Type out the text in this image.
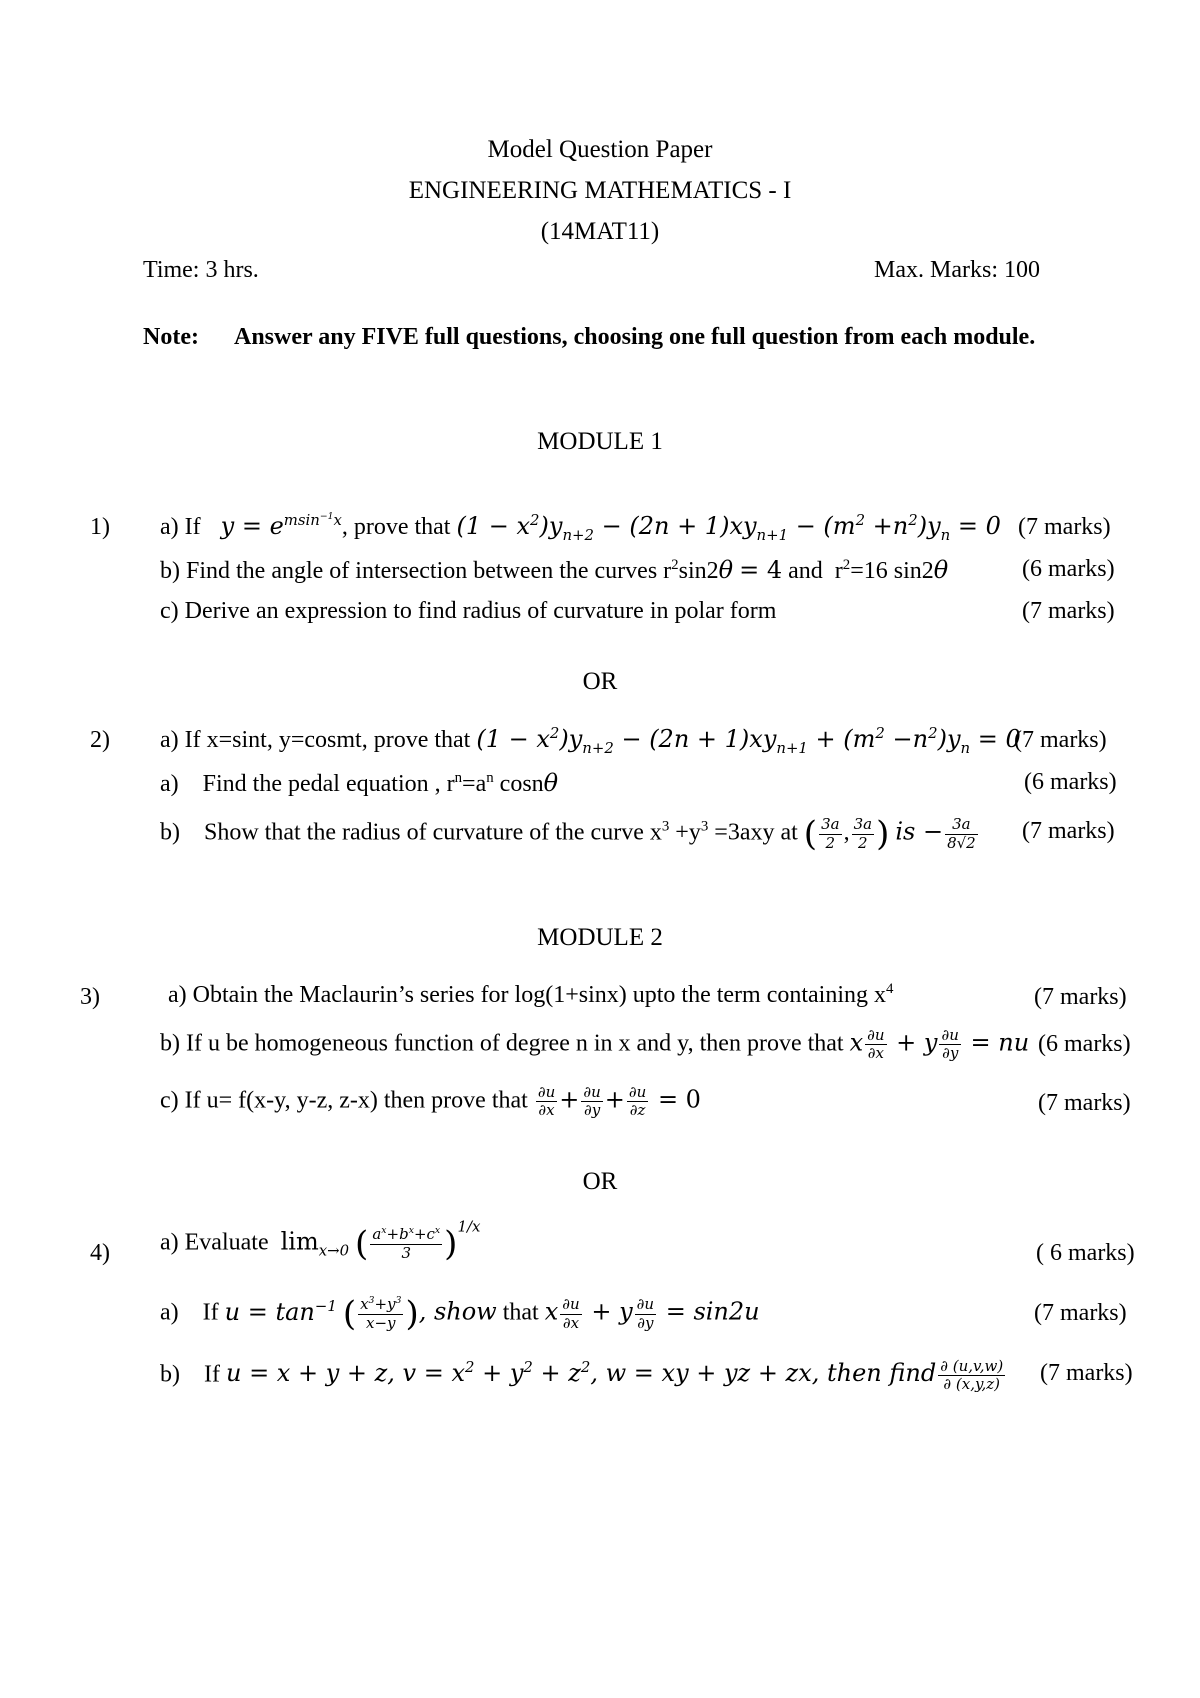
Model Question Paper
ENGINEERING MATHEMATICS - I
(14MAT11)
Time: 3 hrs.	Max. Marks: 100
Note: Answer any FIVE full questions, choosing one full question from each module.
MODULE 1
1) a) If $y = e^{msin^{-1}x}$, prove that $(1 - x^2)y_{n+2} - (2n + 1)xy_{n+1} - (m^2 +n^2)y_n = 0$ (7 marks)
b) Find the angle of intersection between the curves $r^2\sin 2\theta = 4$ and  $r^2=16$ sin2θ	(6 marks)
c) Derive an expression to find radius of curvature in polar form	(7 marks)
OR
2) a) If x=sint, y=cosmt, prove that $(1 - x^2)y_{n+2} - (2n + 1)xy_{n+1} + (m^2 -n^2)y_n = 0$
(7 marks)
a) Find the pedal equation , $r^n=a^n$ cosnθ	(6 marks)
b) Show that the radius of curvature of the curve $x^3 +y^3 =3axy$ at ( $\frac{3a}{2}$ , $\frac{3a}{2}$ ) is − $\frac{3a}{8√2} (7$ marks)
MODULE 2
3)	a) Obtain the Maclaurin’s series for log(1+sinx) upto the term containing $x^4$	(7 marks)
b) If u be homogeneous function of degree n in x and y, then prove that x $\frac{\partial u}{\partial x} + y \frac{\partial u}{\partial y}$ = nu (6 marks)
c) If u= f(x-y, y-z, z-x) then prove that $\frac{\partial u}{\partial x} + \frac{\partial u}{\partial y} + \frac{\partial u}{\partial z} = 0$	(7 marks)
OR
4) a) Evaluate $\lim_{x\to 0}$ ( $\frac{a^x+b^x+c^x}{3} )^{1/x}$
( 6 marks)
a) If $u = \tan^{-1}$ ( $\frac{x^3+y^3}{x-y}$ ), show that x $\frac{\partial u}{\partial x} + y \frac{\partial u}{\partial y} = \sin 2u$	(7 marks)
b) If u = x + y + z, $v = x^2 + y^2 + z^2$, w = xy + yz + zx, then find $\frac{\partial (u,v,w)}{\partial (x,y,z)} (7$ marks)
